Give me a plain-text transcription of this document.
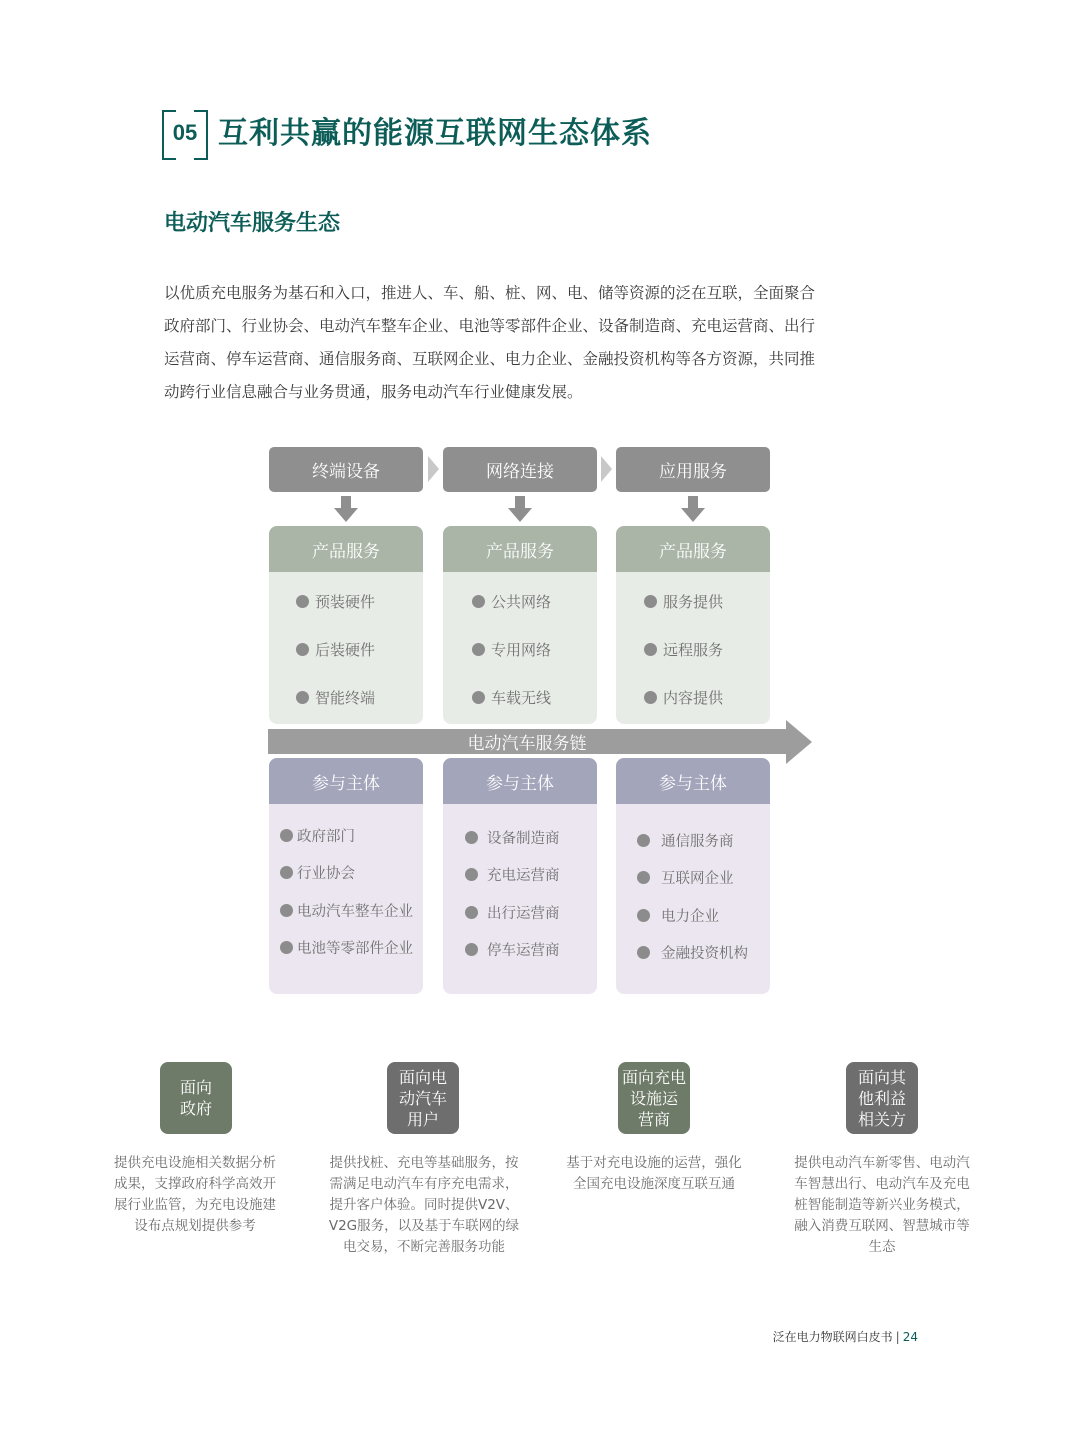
05 互利共赢的能源互联网生态体系
电动汽车服务生态
以优质充电服务为基石和入口，推进人、车、船、桩、网、电、储等资源的泛在互联，全面聚合
政府部门、行业协会、电动汽车整车企业、电池等零部件企业、设备制造商、充电运营商、出行
运营商、停车运营商、通信服务商、互联网企业、电力企业、金融投资机构等各方资源，共同推
动跨行业信息融合与业务贯通，服务电动汽车行业健康发展。
终端设备	网络连接	应用服务
产品服务	产品服务	产品服务
预装硬件
后装硬件
智能终端
公共网络
专用网络
车载无线
服务提供
远程服务
内容提供
电动汽车服务链
参与主体	参与主体	参与主体
政府部门
行业协会
电动汽车整车企业
电池等零部件企业
设备制造商
充电运营商
出行运营商
停车运营商
通信服务商
互联网企业
电力企业
金融投资机构
面向
政府
提供充电设施相关数据分析
成果，支撑政府科学高效开
展行业监管，为充电设施建
设布点规划提供参考
面向电
动汽车
用户
提供找桩、充电等基础服务，按
需满足电动汽车有序充电需求，
提升客户体验。同时提供V2V、
V2G服务，以及基于车联网的绿
电交易，不断完善服务功能
面向充电
设施运
营商
基于对充电设施的运营，强化
全国充电设施深度互联互通
面向其
他利益
相关方
提供电动汽车新零售、电动汽
车智慧出行、电动汽车及充电
桩智能制造等新兴业务模式，
融入消费互联网、智慧城市等
生态
泛在电力物联网白皮书 | 24
